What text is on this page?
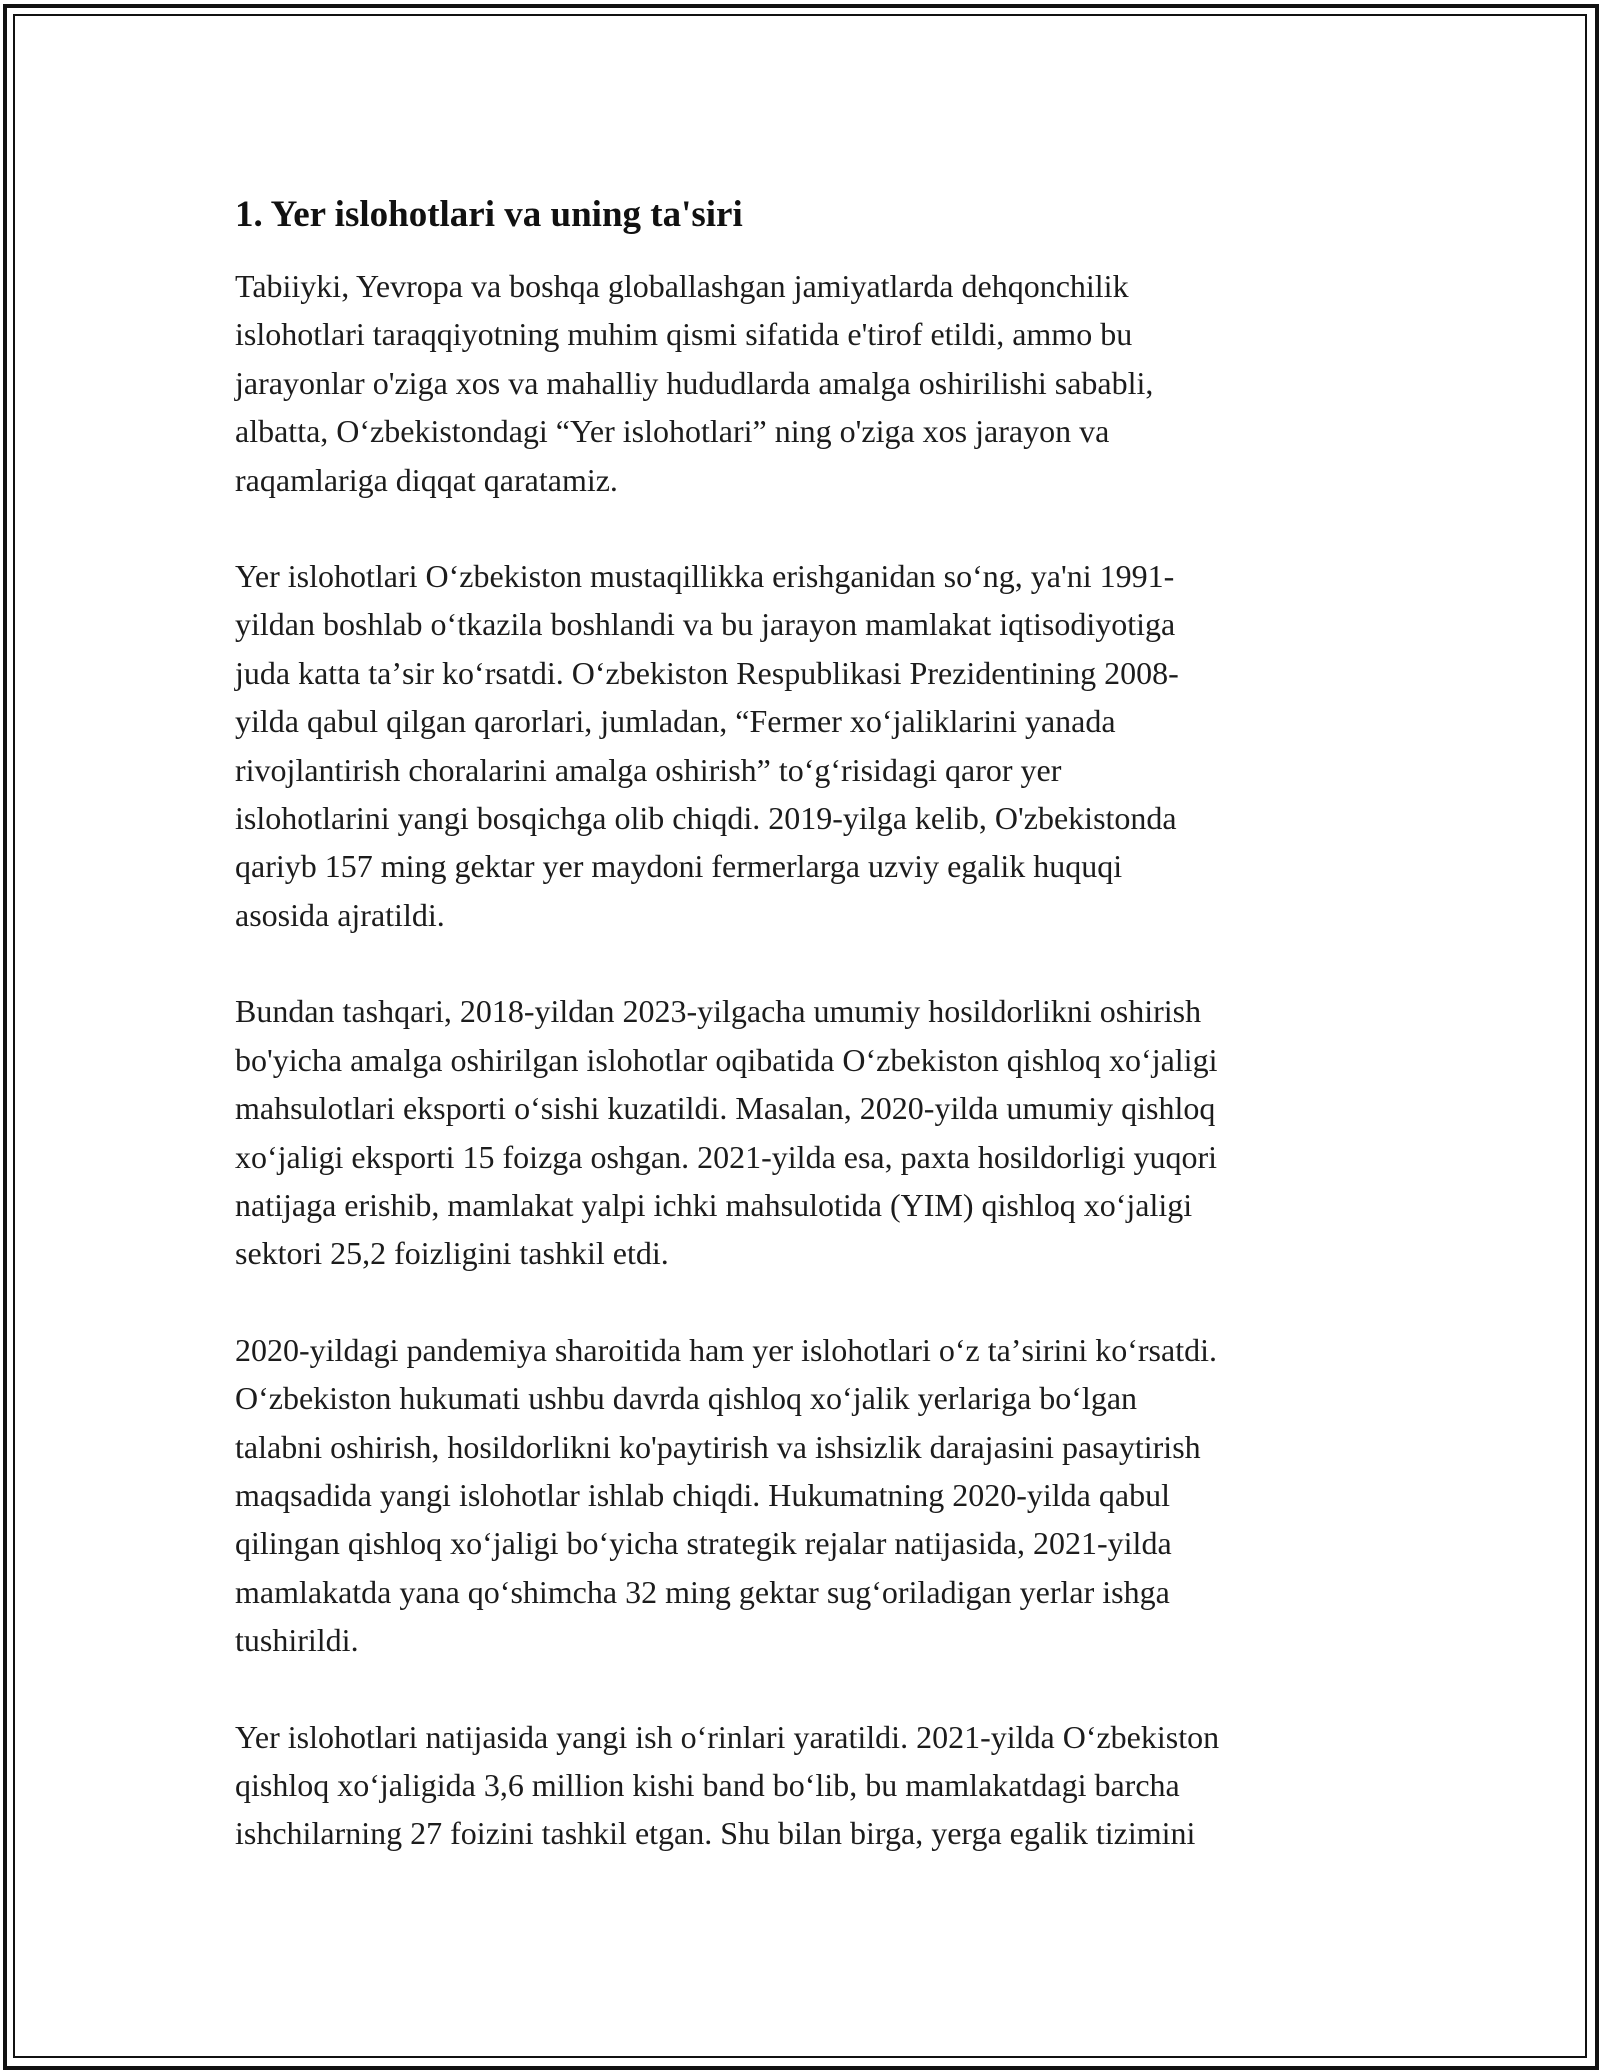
1. Yer islohotlari va uning ta'siri

Tabiiyki, Yevropa va boshqa globallashgan jamiyatlarda dehqonchilik
islohotlari taraqqiyotning muhim qismi sifatida e'tirof etildi, ammo bu
jarayonlar o'ziga xos va mahalliy hududlarda amalga oshirilishi sababli,
albatta, Oʻzbekistondagi “Yer islohotlari” ning o'ziga xos jarayon va
raqamlariga diqqat qaratamiz.

Yer islohotlari Oʻzbekiston mustaqillikka erishganidan soʻng, ya'ni 1991-
yildan boshlab oʻtkazila boshlandi va bu jarayon mamlakat iqtisodiyotiga
juda katta taʼsir koʻrsatdi. Oʻzbekiston Respublikasi Prezidentining 2008-
yilda qabul qilgan qarorlari, jumladan, “Fermer xoʻjaliklarini yanada
rivojlantirish choralarini amalga oshirish” toʻgʻrisidagi qaror yer
islohotlarini yangi bosqichga olib chiqdi. 2019-yilga kelib, O'zbekistonda
qariyb 157 ming gektar yer maydoni fermerlarga uzviy egalik huquqi
asosida ajratildi.

Bundan tashqari, 2018-yildan 2023-yilgacha umumiy hosildorlikni oshirish
bo'yicha amalga oshirilgan islohotlar oqibatida Oʻzbekiston qishloq xoʻjaligi
mahsulotlari eksporti oʻsishi kuzatildi. Masalan, 2020-yilda umumiy qishloq
xoʻjaligi eksporti 15 foizga oshgan. 2021-yilda esa, paxta hosildorligi yuqori
natijaga erishib, mamlakat yalpi ichki mahsulotida (YIM) qishloq xoʻjaligi
sektori 25,2 foizligini tashkil etdi.

2020-yildagi pandemiya sharoitida ham yer islohotlari oʻz taʼsirini koʻrsatdi.
Oʻzbekiston hukumati ushbu davrda qishloq xoʻjalik yerlariga boʻlgan
talabni oshirish, hosildorlikni ko'paytirish va ishsizlik darajasini pasaytirish
maqsadida yangi islohotlar ishlab chiqdi. Hukumatning 2020-yilda qabul
qilingan qishloq xoʻjaligi boʻyicha strategik rejalar natijasida, 2021-yilda
mamlakatda yana qoʻshimcha 32 ming gektar sugʻoriladigan yerlar ishga
tushirildi.

Yer islohotlari natijasida yangi ish oʻrinlari yaratildi. 2021-yilda Oʻzbekiston
qishloq xoʻjaligida 3,6 million kishi band boʻlib, bu mamlakatdagi barcha
ishchilarning 27 foizini tashkil etgan. Shu bilan birga, yerga egalik tizimini
